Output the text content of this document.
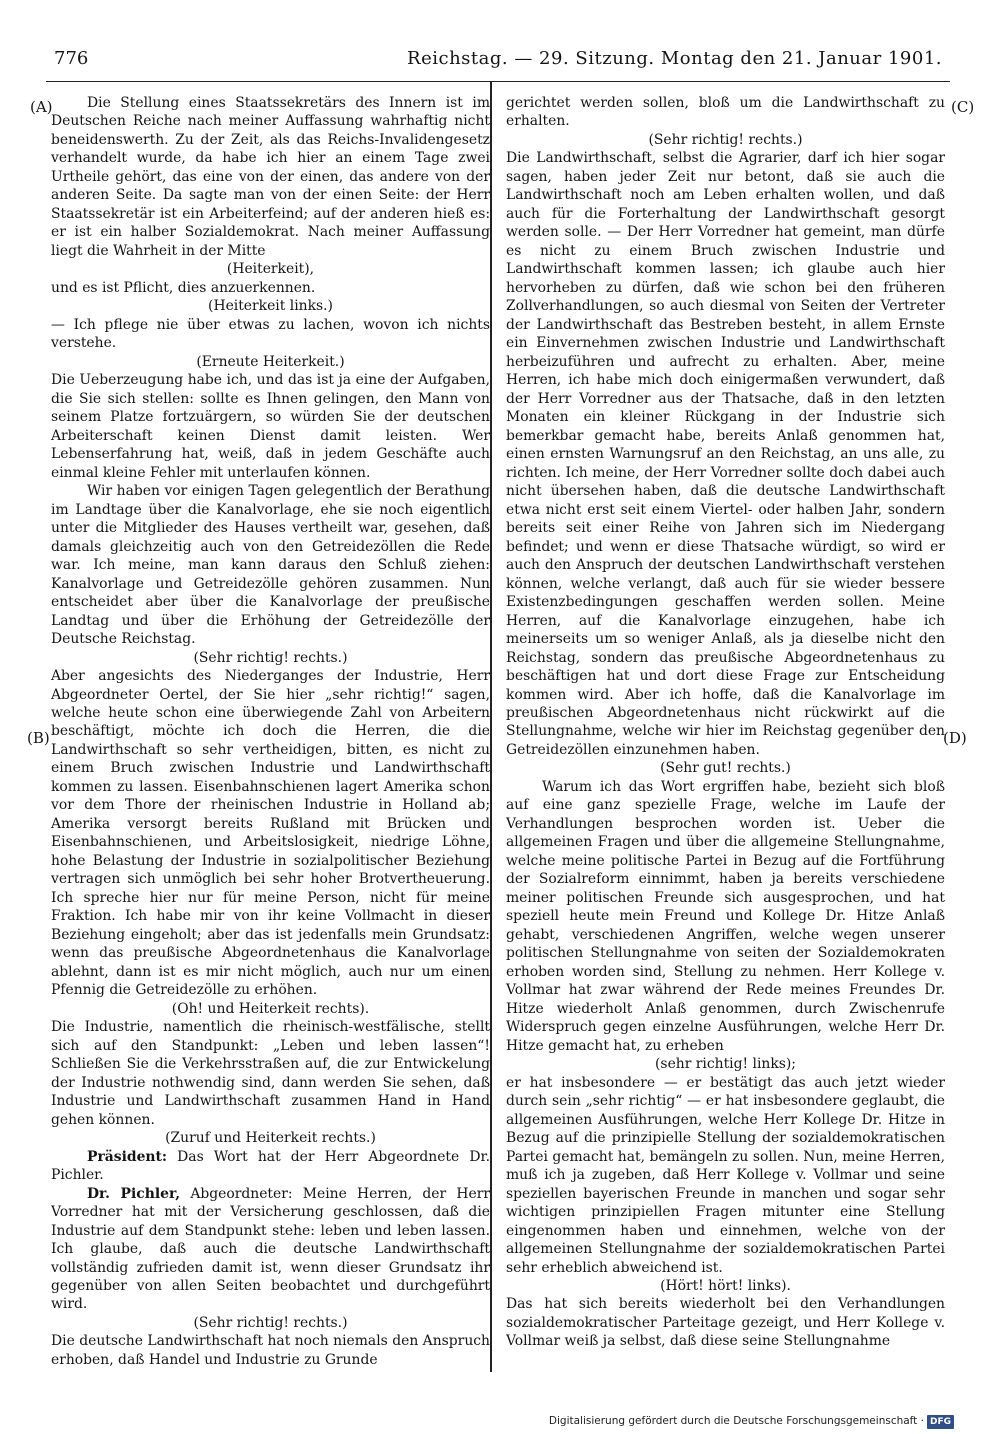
776	Reichstag. — 29. Sitzung. Montag den 21. Januar 1901.
(A)
(B)
(C)
(D)

Die Stellung eines Staatssekretärs des Innern ist im Deutschen Reiche nach meiner Auffassung wahrhaftig nicht beneidenswerth. Zu der Zeit, als das Reichs-Invalidengesetz verhandelt wurde, da habe ich hier an einem Tage zwei Urtheile gehört, das eine von der einen, das andere von der anderen Seite. Da sagte man von der einen Seite: der Herr Staatssekretär ist ein Arbeiterfeind; auf der anderen hieß es: er ist ein halber Sozialdemokrat. Nach meiner Auffassung liegt die Wahrheit in der Mitte

(Heiterkeit),

und es ist Pflicht, dies anzuerkennen.

(Heiterkeit links.)

— Ich pflege nie über etwas zu lachen, wovon ich nichts verstehe.

(Erneute Heiterkeit.)

Die Ueberzeugung habe ich, und das ist ja eine der Aufgaben, die Sie sich stellen: sollte es Ihnen gelingen, den Mann von seinem Platze fortzuärgern, so würden Sie der deutschen Arbeiterschaft keinen Dienst damit leisten. Wer Lebenserfahrung hat, weiß, daß in jedem Geschäfte auch einmal kleine Fehler mit unterlaufen können.

Wir haben vor einigen Tagen gelegentlich der Berathung im Landtage über die Kanalvorlage, ehe sie noch eigentlich unter die Mitglieder des Hauses vertheilt war, gesehen, daß damals gleichzeitig auch von den Getreidezöllen die Rede war. Ich meine, man kann daraus den Schluß ziehen: Kanalvorlage und Getreidezölle gehören zusammen. Nun entscheidet aber über die Kanalvorlage der preußische Landtag und über die Erhöhung der Getreidezölle der Deutsche Reichstag.

(Sehr richtig! rechts.)

Aber angesichts des Niederganges der Industrie, Herr Abgeordneter Oertel, der Sie hier „sehr richtig!“ sagen, welche heute schon eine überwiegende Zahl von Arbeitern beschäftigt, möchte ich doch die Herren, die die Landwirthschaft so sehr vertheidigen, bitten, es nicht zu einem Bruch zwischen Industrie und Landwirthschaft kommen zu lassen. Eisenbahnschienen lagert Amerika schon vor dem Thore der rheinischen Industrie in Holland ab; Amerika versorgt bereits Rußland mit Brücken und Eisenbahnschienen, und Arbeitslosigkeit, niedrige Löhne, hohe Belastung der Industrie in sozialpolitischer Beziehung vertragen sich unmöglich bei sehr hoher Brotvertheuerung. Ich spreche hier nur für meine Person, nicht für meine Fraktion. Ich habe mir von ihr keine Vollmacht in dieser Beziehung eingeholt; aber das ist jedenfalls mein Grundsatz: wenn das preußische Abgeordnetenhaus die Kanalvorlage ablehnt, dann ist es mir nicht möglich, auch nur um einen Pfennig die Getreidezölle zu erhöhen.

(Oh! und Heiterkeit rechts).

Die Industrie, namentlich die rheinisch-westfälische, stellt sich auf den Standpunkt: „Leben und leben lassen“! Schließen Sie die Verkehrsstraßen auf, die zur Entwickelung der Industrie nothwendig sind, dann werden Sie sehen, daß Industrie und Landwirthschaft zusammen Hand in Hand gehen können.

(Zuruf und Heiterkeit rechts.)

Präsident: Das Wort hat der Herr Abgeordnete Dr. Pichler.

Dr. Pichler, Abgeordneter: Meine Herren, der Herr Vorredner hat mit der Versicherung geschlossen, daß die Industrie auf dem Standpunkt stehe: leben und leben lassen. Ich glaube, daß auch die deutsche Landwirthschaft vollständig zufrieden damit ist, wenn dieser Grundsatz ihr gegenüber von allen Seiten beobachtet und durchgeführt wird.

(Sehr richtig! rechts.)

Die deutsche Landwirthschaft hat noch niemals den Anspruch erhoben, daß Handel und Industrie zu Grunde

gerichtet werden sollen, bloß um die Landwirthschaft zu erhalten.

(Sehr richtig! rechts.)

Die Landwirthschaft, selbst die Agrarier, darf ich hier sogar sagen, haben jeder Zeit nur betont, daß sie auch die Landwirthschaft noch am Leben erhalten wollen, und daß auch für die Forterhaltung der Landwirthschaft gesorgt werden solle. — Der Herr Vorredner hat gemeint, man dürfe es nicht zu einem Bruch zwischen Industrie und Landwirthschaft kommen lassen; ich glaube auch hier hervorheben zu dürfen, daß wie schon bei den früheren Zollverhandlungen, so auch diesmal von Seiten der Vertreter der Landwirthschaft das Bestreben besteht, in allem Ernste ein Einvernehmen zwischen Industrie und Landwirthschaft herbeizuführen und aufrecht zu erhalten. Aber, meine Herren, ich habe mich doch einigermaßen verwundert, daß der Herr Vorredner aus der Thatsache, daß in den letzten Monaten ein kleiner Rückgang in der Industrie sich bemerkbar gemacht habe, bereits Anlaß genommen hat, einen ernsten Warnungsruf an den Reichstag, an uns alle, zu richten. Ich meine, der Herr Vorredner sollte doch dabei auch nicht übersehen haben, daß die deutsche Landwirthschaft etwa nicht erst seit einem Viertel- oder halben Jahr, sondern bereits seit einer Reihe von Jahren sich im Niedergang befindet; und wenn er diese Thatsache würdigt, so wird er auch den Anspruch der deutschen Landwirthschaft verstehen können, welche verlangt, daß auch für sie wieder bessere Existenzbedingungen geschaffen werden sollen. Meine Herren, auf die Kanalvorlage einzugehen, habe ich meinerseits um so weniger Anlaß, als ja dieselbe nicht den Reichstag, sondern das preußische Abgeordnetenhaus zu beschäftigen hat und dort diese Frage zur Entscheidung kommen wird. Aber ich hoffe, daß die Kanalvorlage im preußischen Abgeordnetenhaus nicht rückwirkt auf die Stellungnahme, welche wir hier im Reichstag gegenüber den Getreidezöllen einzunehmen haben.

(Sehr gut! rechts.)

Warum ich das Wort ergriffen habe, bezieht sich bloß auf eine ganz spezielle Frage, welche im Laufe der Verhandlungen besprochen worden ist. Ueber die allgemeinen Fragen und über die allgemeine Stellungnahme, welche meine politische Partei in Bezug auf die Fortführung der Sozialreform einnimmt, haben ja bereits verschiedene meiner politischen Freunde sich ausgesprochen, und hat speziell heute mein Freund und Kollege Dr. Hitze Anlaß gehabt, verschiedenen Angriffen, welche wegen unserer politischen Stellungnahme von seiten der Sozialdemokraten erhoben worden sind, Stellung zu nehmen. Herr Kollege v. Vollmar hat zwar während der Rede meines Freundes Dr. Hitze wiederholt Anlaß genommen, durch Zwischenrufe Widerspruch gegen einzelne Ausführungen, welche Herr Dr. Hitze gemacht hat, zu erheben

(sehr richtig! links);

er hat insbesondere — er bestätigt das auch jetzt wieder durch sein „sehr richtig“ — er hat insbesondere geglaubt, die allgemeinen Ausführungen, welche Herr Kollege Dr. Hitze in Bezug auf die prinzipielle Stellung der sozialdemokratischen Partei gemacht hat, bemängeln zu sollen. Nun, meine Herren, muß ich ja zugeben, daß Herr Kollege v. Vollmar und seine speziellen bayerischen Freunde in manchen und sogar sehr wichtigen prinzipiellen Fragen mitunter eine Stellung eingenommen haben und einnehmen, welche von der allgemeinen Stellungnahme der sozialdemokratischen Partei sehr erheblich abweichend ist.

(Hört! hört! links).

Das hat sich bereits wiederholt bei den Verhandlungen sozialdemokratischer Parteitage gezeigt, und Herr Kollege v. Vollmar weiß ja selbst, daß diese seine Stellungnahme

Digitalisierung gefördert durch die Deutsche Forschungsgemeinschaft · DFG
